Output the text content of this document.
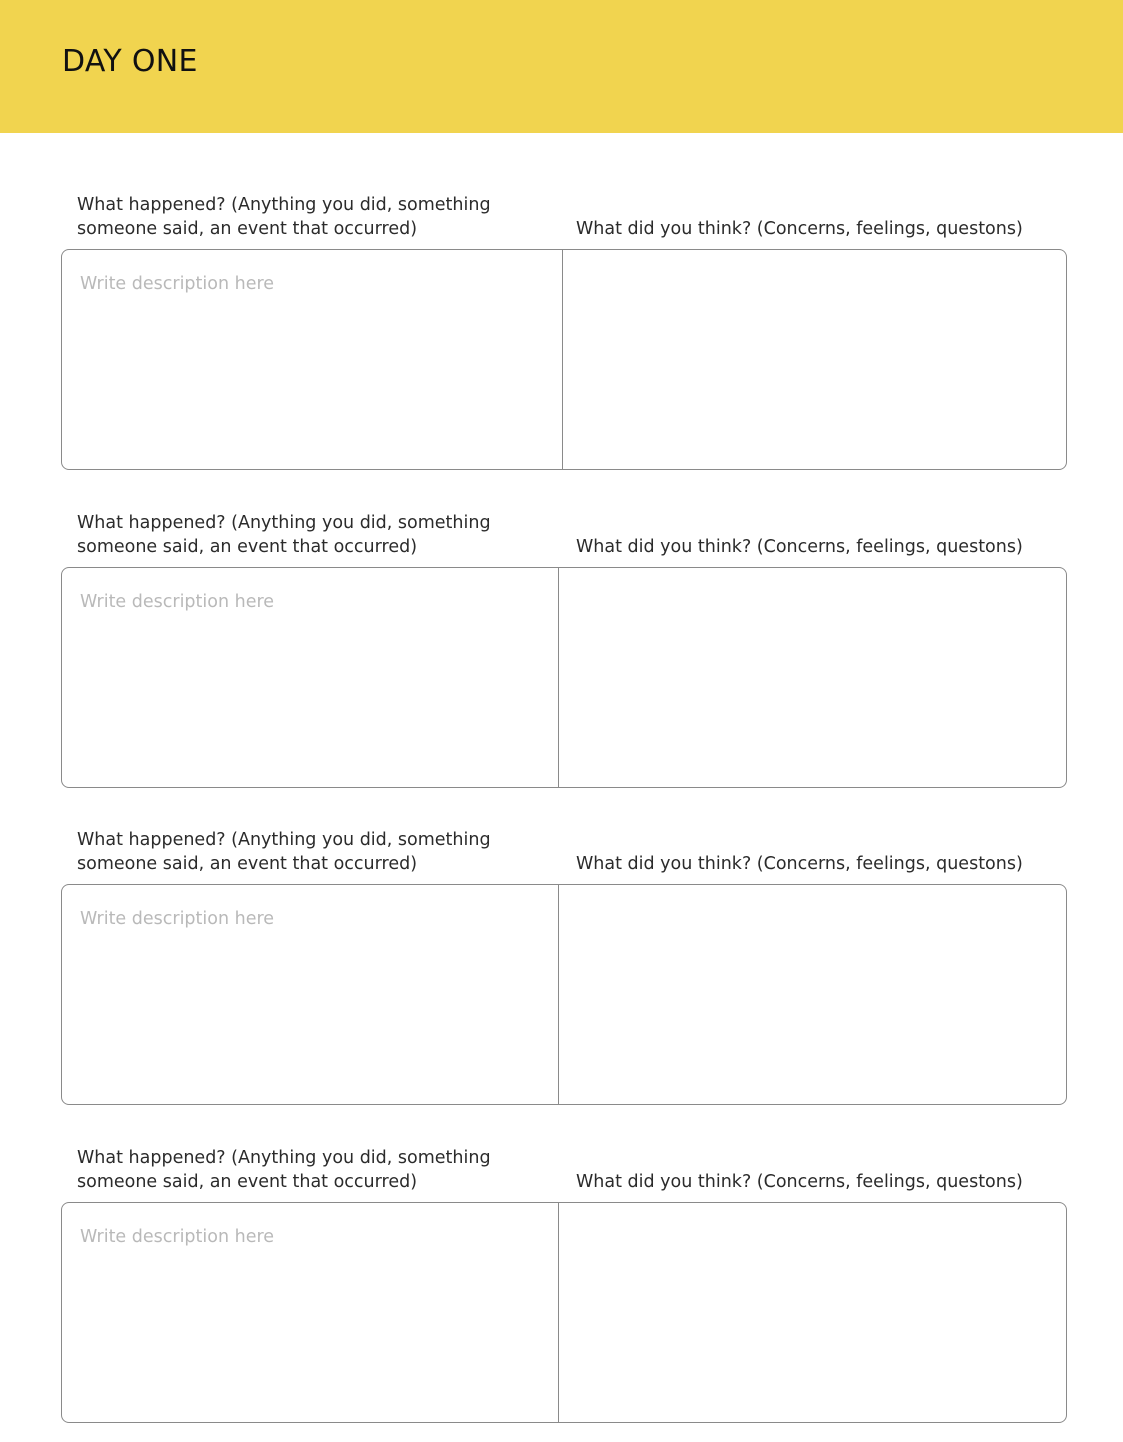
DAY ONE

What happened? (Anything you did, something someone said, an event that occurred)	What did you think? (Concerns, feelings, questons)

Write description here

What happened? (Anything you did, something someone said, an event that occurred)	What did you think? (Concerns, feelings, questons)

Write description here

What happened? (Anything you did, something someone said, an event that occurred)	What did you think? (Concerns, feelings, questons)

Write description here

What happened? (Anything you did, something someone said, an event that occurred)	What did you think? (Concerns, feelings, questons)

Write description here
